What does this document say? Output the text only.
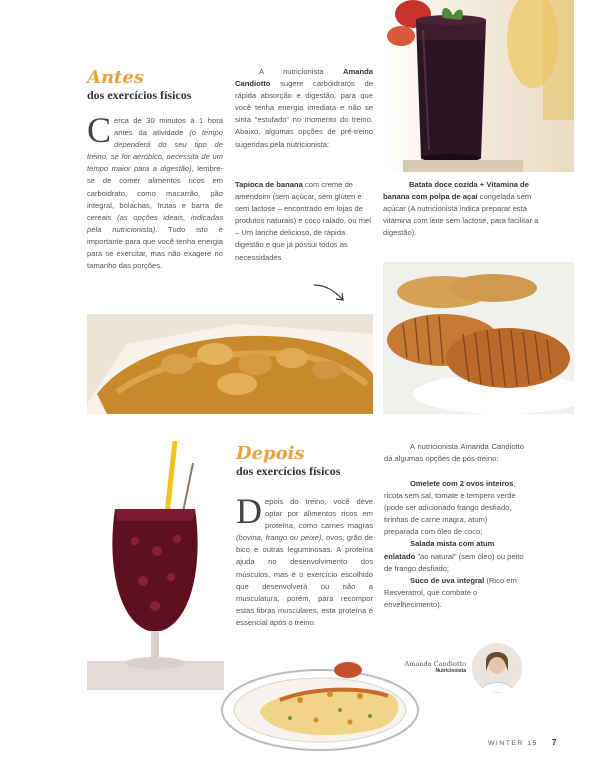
Antes
dos exercícios físicos

Cerca de 30 minutos à 1 hora antes da atividade (o tempo dependerá do seu tipo de treino, se for aeróbico, necessita de um tempo maior para a digestão), lembre-se de comer alimentos ricos em carboidrato, como macarrão, pão integral, bolachas, frutas e barra de cereais (as opções ideais, indicadas pela nutricionista). Tudo isto é importante para que você tenha energia para se exercitar, mas não exagere no tamanho das porções.

A nutricionista Amanda Candiotto sugere carboidratos de rápida absorção e digestão, para que você tenha energia imediata e não se sinta "estufado" no momento do treino. Abaixo, algumas opções de pré-treino sugeridas pela nutricionista:

Tapioca de banana com creme de amendoim (sem açúcar, sem glúten e sem lactose – encontrado em lojas de produtos naturais) e coco ralado, ou mel – Um lanche delicioso, de rápida digestão e que já possui todos as necessidades

Batata doce cozida + Vitamina de banana com polpa de açaí congelada sem açúcar (A nutricionista indica preparar esta vitamina com leite sem lactose, para facilitar a digestão).

Depois
dos exercícios físicos

Depois do treino, você deve optar por alimentos ricos em proteína, como carnes magras (bovina, frango ou peixe), ovos, grão de bico e outras leguminosas. A proteína ajuda no desenvolvimento dos músculos, mas é o exercício escolhido que desenvolverá ou não a musculatura, porém, para recompor estas fibras musculares, esta proteína é essencial após o treino.

A nutricionista Amanda Candiotto dá algumas opções de pós-treino:

Omelete com 2 ovos inteiros, ricota sem sal, tomate e tempero verde (pode ser adicionado frango desfiado, tirinhas de carne magra, atum) preparada com óleo de coco;
Salada mista com atum enlatado "ao natural" (sem óleo) ou peito de frango desfiado;
Suco de uva integral (Rico em Resveratrol, que combate o envelhecimento).
Amanda Candiotto
Nutricionista
WINTER 15 7
